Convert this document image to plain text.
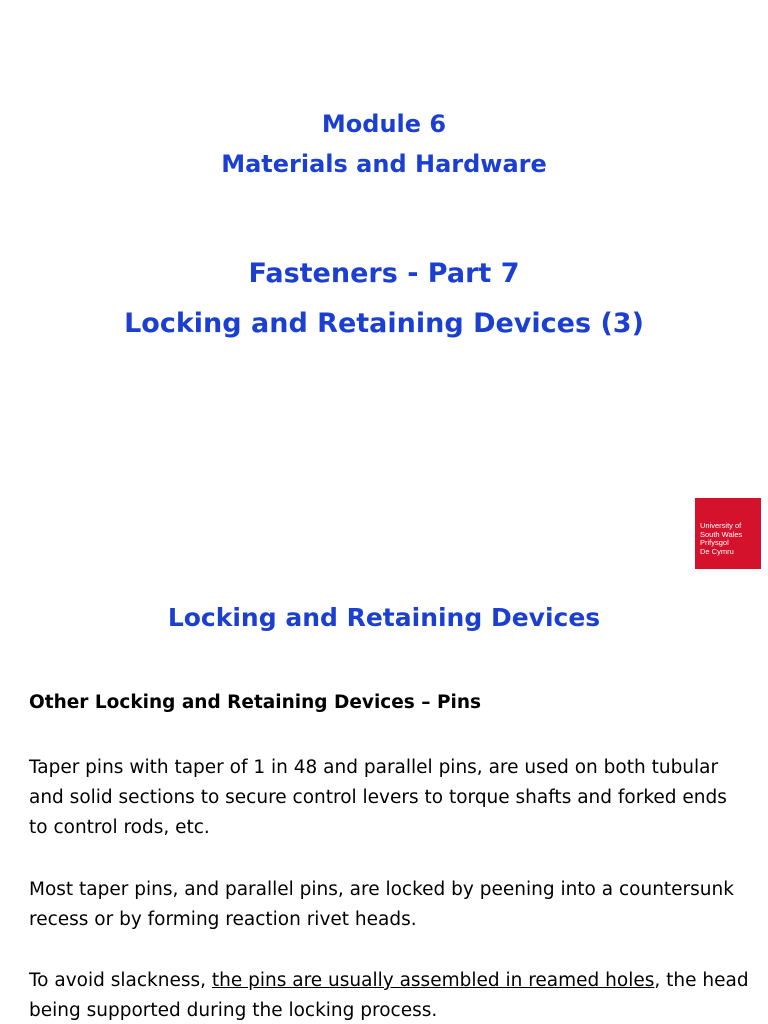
Module 6
Materials and Hardware
Fasteners - Part 7
Locking and Retaining Devices (3)
University of
South Wales
Prifysgol
De Cymru
Locking and Retaining Devices

Other Locking and Retaining Devices – Pins

Taper pins with taper of 1 in 48 and parallel pins, are used on both tubular and solid sections to secure control levers to torque shafts and forked ends to control rods, etc.

Most taper pins, and parallel pins, are locked by peening into a countersunk recess or by forming reaction rivet heads.

To avoid slackness, the pins are usually assembled in reamed holes, the head being supported during the locking process.
